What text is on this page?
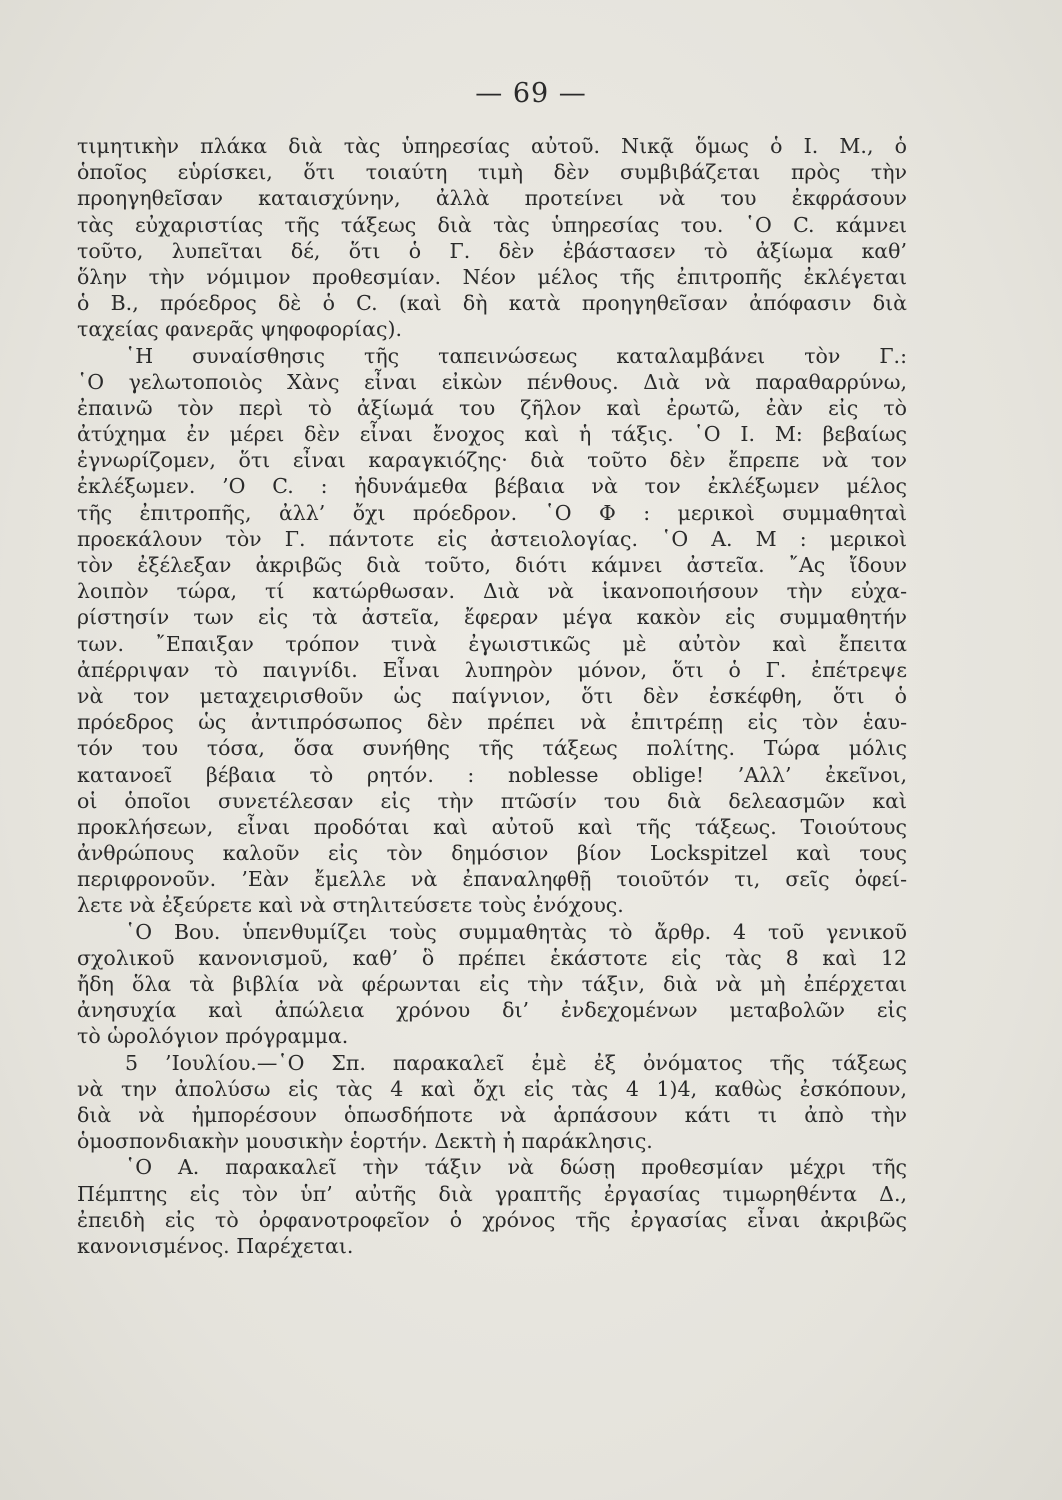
— 69 —
τιμητικὴν πλάκα διὰ τὰς ὑπηρεσίας αὐτοῦ. Νικᾷ ὅμως ὁ Ι. Μ., ὁ
ὁποῖος εὑρίσκει, ὅτι τοιαύτη τιμὴ δὲν συμβιβάζεται πρὸς τὴν
προηγηθεῖσαν καταισχύνην, ἀλλὰ προτείνει νὰ του ἐκφράσουν
τὰς εὐχαριστίας τῆς τάξεως διὰ τὰς ὑπηρεσίας του. ῾Ο C. κάμνει
τοῦτο, λυπεῖται δέ, ὅτι ὁ Γ. δὲν ἐβάστασεν τὸ ἀξίωμα καθ’
ὅλην τὴν νόμιμον προθεσμίαν. Νέον μέλος τῆς ἐπιτροπῆς ἐκλέγεται
ὁ Β., πρόεδρος δὲ ὁ C. (καὶ δὴ κατὰ προηγηθεῖσαν ἀπόφασιν διὰ
ταχείας φανερᾶς ψηφοφορίας).
῾Η συναίσθησις τῆς ταπεινώσεως καταλαμβάνει τὸν Γ.:
῾Ο γελωτοποιὸς Χὰνς εἶναι εἰκὼν πένθους. Διὰ νὰ παραθαρρύνω,
ἐπαινῶ τὸν περὶ τὸ ἀξίωμά του ζῆλον καὶ ἐρωτῶ, ἐὰν εἰς τὸ
ἀτύχημα ἐν μέρει δὲν εἶναι ἔνοχος καὶ ἡ τάξις. ῾Ο Ι. Μ: βεβαίως
ἐγνωρίζομεν, ὅτι εἶναι καραγκιόζης· διὰ τοῦτο δὲν ἔπρεπε νὰ τον
ἐκλέξωμεν. ’Ο C. : ἠδυνάμεθα βέβαια νὰ τον ἐκλέξωμεν μέλος
τῆς ἐπιτροπῆς, ἀλλ’ ὄχι πρόεδρον. ῾Ο Φ : μερικοὶ συμμαθηταὶ
προεκάλουν τὸν Γ. πάντοτε εἰς ἀστειολογίας. ῾Ο Α. Μ : μερικοὶ
τὸν ἐξέλεξαν ἀκριβῶς διὰ τοῦτο, διότι κάμνει ἀστεῖα. ῎Ας ἴδουν
λοιπὸν τώρα, τί κατώρθωσαν. Διὰ νὰ ἱκανοποιήσουν τὴν εὐχα-
ρίστησίν των εἰς τὰ ἀστεῖα, ἔφεραν μέγα κακὸν εἰς συμμαθητήν
των. ῎Επαιξαν τρόπον τινὰ ἐγωιστικῶς μὲ αὐτὸν καὶ ἔπειτα
ἀπέρριψαν τὸ παιγνίδι. Εἶναι λυπηρὸν μόνον, ὅτι ὁ Γ. ἐπέτρεψε
νὰ τον μεταχειρισθοῦν ὡς παίγνιον, ὅτι δὲν ἐσκέφθη, ὅτι ὁ
πρόεδρος ὡς ἀντιπρόσωπος δὲν πρέπει νὰ ἐπιτρέπῃ εἰς τὸν ἑαυ-
τόν του τόσα, ὅσα συνήθης τῆς τάξεως πολίτης. Τώρα μόλις
κατανοεῖ βέβαια τὸ ρητόν. : noblesse oblige! ’Αλλ’ ἐκεῖνοι,
οἱ ὁποῖοι συνετέλεσαν εἰς τὴν πτῶσίν του διὰ δελεασμῶν καὶ
προκλήσεων, εἶναι προδόται καὶ αὐτοῦ καὶ τῆς τάξεως. Τοιούτους
ἀνθρώπους καλοῦν εἰς τὸν δημόσιον βίον Lockspitzel καὶ τους
περιφρονοῦν. ’Εὰν ἔμελλε νὰ ἐπαναληφθῇ τοιοῦτόν τι, σεῖς ὀφεί-
λετε νὰ ἐξεύρετε καὶ νὰ στηλιτεύσετε τοὺς ἐνόχους.
῾Ο Βου. ὑπενθυμίζει τοὺς συμμαθητὰς τὸ ἄρθρ. 4 τοῦ γενικοῦ
σχολικοῦ κανονισμοῦ, καθ’ ὃ πρέπει ἑκάστοτε εἰς τὰς 8 καὶ 12
ἤδη ὅλα τὰ βιβλία νὰ φέρωνται εἰς τὴν τάξιν, διὰ νὰ μὴ ἐπέρχεται
ἀνησυχία καὶ ἀπώλεια χρόνου δι’ ἐνδεχομένων μεταβολῶν εἰς
τὸ ὡρολόγιον πρόγραμμα.
5 ’Ιουλίου.—῾Ο Σπ. παρακαλεῖ ἐμὲ ἐξ ὀνόματος τῆς τάξεως
νὰ την ἀπολύσω εἰς τὰς 4 καὶ ὄχι εἰς τὰς 4 1)4, καθὼς ἐσκόπουν,
διὰ νὰ ἠμπορέσουν ὁπωσδήποτε νὰ ἁρπάσουν κάτι τι ἀπὸ τὴν
ὁμοσπονδιακὴν μουσικὴν ἑορτήν. Δεκτὴ ἡ παράκλησις.
῾Ο Α. παρακαλεῖ τὴν τάξιν νὰ δώσῃ προθεσμίαν μέχρι τῆς
Πέμπτης εἰς τὸν ὑπ’ αὐτῆς διὰ γραπτῆς ἐργασίας τιμωρηθέντα Δ.,
ἐπειδὴ εἰς τὸ ὀρφανοτροφεῖον ὁ χρόνος τῆς ἐργασίας εἶναι ἀκριβῶς
κανονισμένος. Παρέχεται.
